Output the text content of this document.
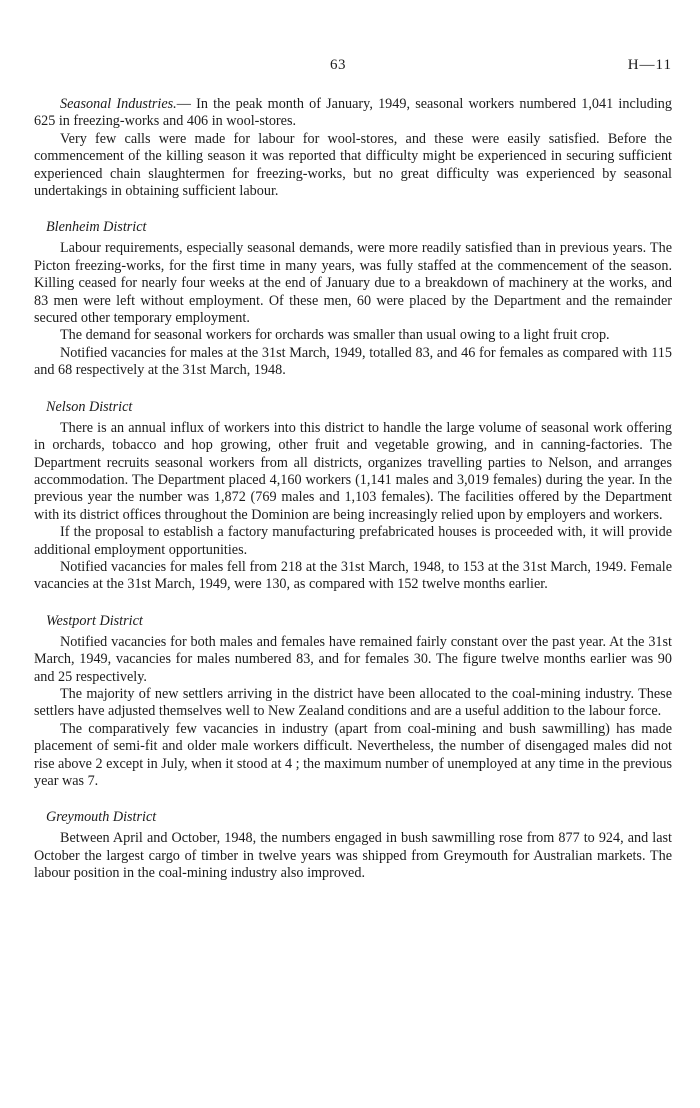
63	H—11

Seasonal Industries.— In the peak month of January, 1949, seasonal workers numbered 1,041 including 625 in freezing-works and 406 in wool-stores.

Very few calls were made for labour for wool-stores, and these were easily satisfied. Before the commencement of the killing season it was reported that difficulty might be experienced in securing sufficient experienced chain slaughtermen for freezing-works, but no great difficulty was experienced by seasonal undertakings in obtaining sufficient labour.

Blenheim District

Labour requirements, especially seasonal demands, were more readily satisfied than in previous years. The Picton freezing-works, for the first time in many years, was fully staffed at the commencement of the season. Killing ceased for nearly four weeks at the end of January due to a breakdown of machinery at the works, and 83 men were left without employment. Of these men, 60 were placed by the Department and the remainder secured other temporary employment.

The demand for seasonal workers for orchards was smaller than usual owing to a light fruit crop.

Notified vacancies for males at the 31st March, 1949, totalled 83, and 46 for females as compared with 115 and 68 respectively at the 31st March, 1948.

Nelson District

There is an annual influx of workers into this district to handle the large volume of seasonal work offering in orchards, tobacco and hop growing, other fruit and vegetable growing, and in canning-factories. The Department recruits seasonal workers from all districts, organizes travelling parties to Nelson, and arranges accommodation. The Department placed 4,160 workers (1,141 males and 3,019 females) during the year. In the previous year the number was 1,872 (769 males and 1,103 females). The facilities offered by the Department with its district offices throughout the Dominion are being increasingly relied upon by employers and workers.

If the proposal to establish a factory manufacturing prefabricated houses is proceeded with, it will provide additional employment opportunities.

Notified vacancies for males fell from 218 at the 31st March, 1948, to 153 at the 31st March, 1949. Female vacancies at the 31st March, 1949, were 130, as compared with 152 twelve months earlier.

Westport District

Notified vacancies for both males and females have remained fairly constant over the past year. At the 31st March, 1949, vacancies for males numbered 83, and for females 30. The figure twelve months earlier was 90 and 25 respectively.

The majority of new settlers arriving in the district have been allocated to the coal-mining industry. These settlers have adjusted themselves well to New Zealand conditions and are a useful addition to the labour force.

The comparatively few vacancies in industry (apart from coal-mining and bush sawmilling) has made placement of semi-fit and older male workers difficult. Nevertheless, the number of disengaged males did not rise above 2 except in July, when it stood at 4 ; the maximum number of unemployed at any time in the previous year was 7.

Greymouth District

Between April and October, 1948, the numbers engaged in bush sawmilling rose from 877 to 924, and last October the largest cargo of timber in twelve years was shipped from Greymouth for Australian markets. The labour position in the coal-mining industry also improved.
